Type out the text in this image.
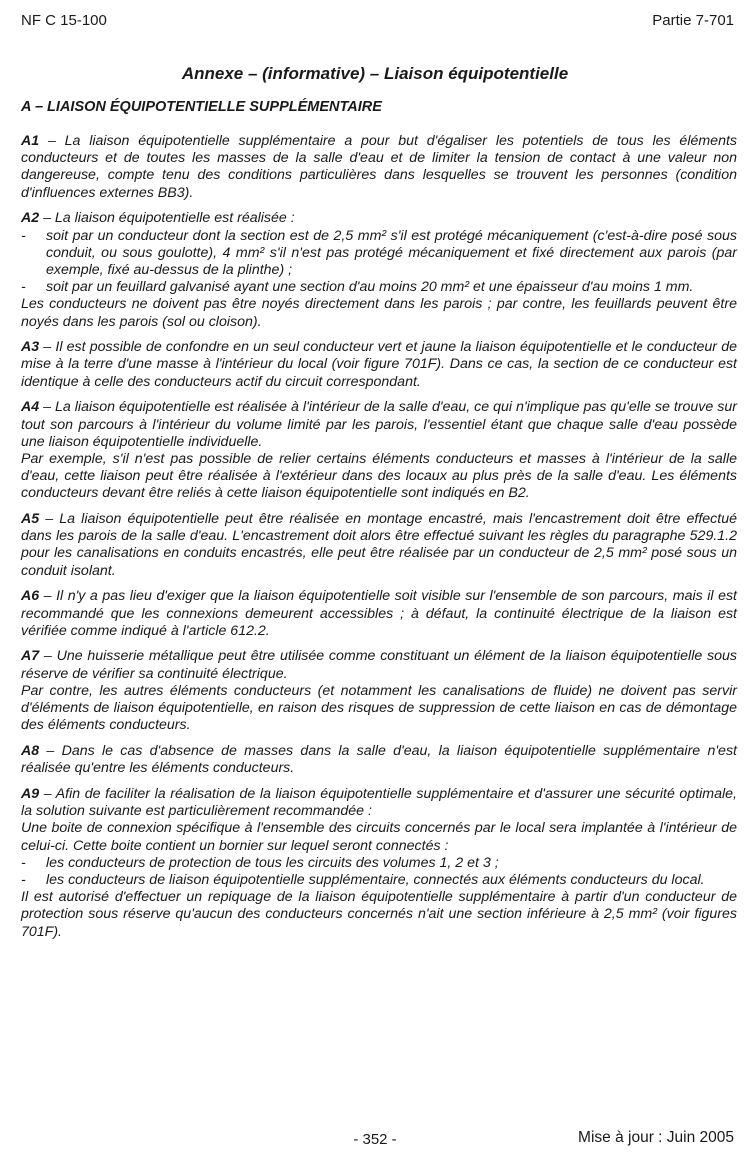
NF C 15-100	Partie 7-701
Annexe – (informative) – Liaison équipotentielle
A – LIAISON ÉQUIPOTENTIELLE SUPPLÉMENTAIRE

A1 – La liaison équipotentielle supplémentaire a pour but d'égaliser les potentiels de tous les éléments conducteurs et de toutes les masses de la salle d'eau et de limiter la tension de contact à une valeur non dangereuse, compte tenu des conditions particulières dans lesquelles se trouvent les personnes (condition d'influences externes BB3).

A2 – La liaison équipotentielle est réalisée :

- soit par un conducteur dont la section est de 2,5 mm² s'il est protégé mécaniquement (c'est-à-dire posé sous conduit, ou sous goulotte), 4 mm² s'il n'est pas protégé mécaniquement et fixé directement aux parois (par exemple, fixé au-dessus de la plinthe) ;
- soit par un feuillard galvanisé ayant une section d'au moins 20 mm² et une épaisseur d'au moins 1 mm.

Les conducteurs ne doivent pas être noyés directement dans les parois ; par contre, les feuillards peuvent être noyés dans les parois (sol ou cloison).

A3 – Il est possible de confondre en un seul conducteur vert et jaune la liaison équipotentielle et le conducteur de mise à la terre d'une masse à l'intérieur du local (voir figure 701F). Dans ce cas, la section de ce conducteur est identique à celle des conducteurs actif du circuit correspondant.

A4 – La liaison équipotentielle est réalisée à l'intérieur de la salle d'eau, ce qui n'implique pas qu'elle se trouve sur tout son parcours à l'intérieur du volume limité par les parois, l'essentiel étant que chaque salle d'eau possède une liaison équipotentielle individuelle.

Par exemple, s'il n'est pas possible de relier certains éléments conducteurs et masses à l'intérieur de la salle d'eau, cette liaison peut être réalisée à l'extérieur dans des locaux au plus près de la salle d'eau. Les éléments conducteurs devant être reliés à cette liaison équipotentielle sont indiqués en B2.

A5 – La liaison équipotentielle peut être réalisée en montage encastré, mais l'encastrement doit être effectué dans les parois de la salle d'eau. L'encastrement doit alors être effectué suivant les règles du paragraphe 529.1.2 pour les canalisations en conduits encastrés, elle peut être réalisée par un conducteur de 2,5 mm² posé sous un conduit isolant.

A6 – Il n'y a pas lieu d'exiger que la liaison équipotentielle soit visible sur l'ensemble de son parcours, mais il est recommandé que les connexions demeurent accessibles ; à défaut, la continuité électrique de la liaison est vérifiée comme indiqué à l'article 612.2.

A7 – Une huisserie métallique peut être utilisée comme constituant un élément de la liaison équipotentielle sous réserve de vérifier sa continuité électrique.

Par contre, les autres éléments conducteurs (et notamment les canalisations de fluide) ne doivent pas servir d'éléments de liaison équipotentielle, en raison des risques de suppression de cette liaison en cas de démontage des éléments conducteurs.

A8 – Dans le cas d'absence de masses dans la salle d'eau, la liaison équipotentielle supplémentaire n'est réalisée qu'entre les éléments conducteurs.

A9 – Afin de faciliter la réalisation de la liaison équipotentielle supplémentaire et d'assurer une sécurité optimale, la solution suivante est particulièrement recommandée :

Une boite de connexion spécifique à l'ensemble des circuits concernés par le local sera implantée à l'intérieur de celui-ci. Cette boite contient un bornier sur lequel seront connectés :

- les conducteurs de protection de tous les circuits des volumes 1, 2 et 3 ;
- les conducteurs de liaison équipotentielle supplémentaire, connectés aux éléments conducteurs du local.

Il est autorisé d'effectuer un repiquage de la liaison équipotentielle supplémentaire à partir d'un conducteur de protection sous réserve qu'aucun des conducteurs concernés n'ait une section inférieure à 2,5 mm² (voir figures 701F).

- 352 -	Mise à jour : Juin 2005
